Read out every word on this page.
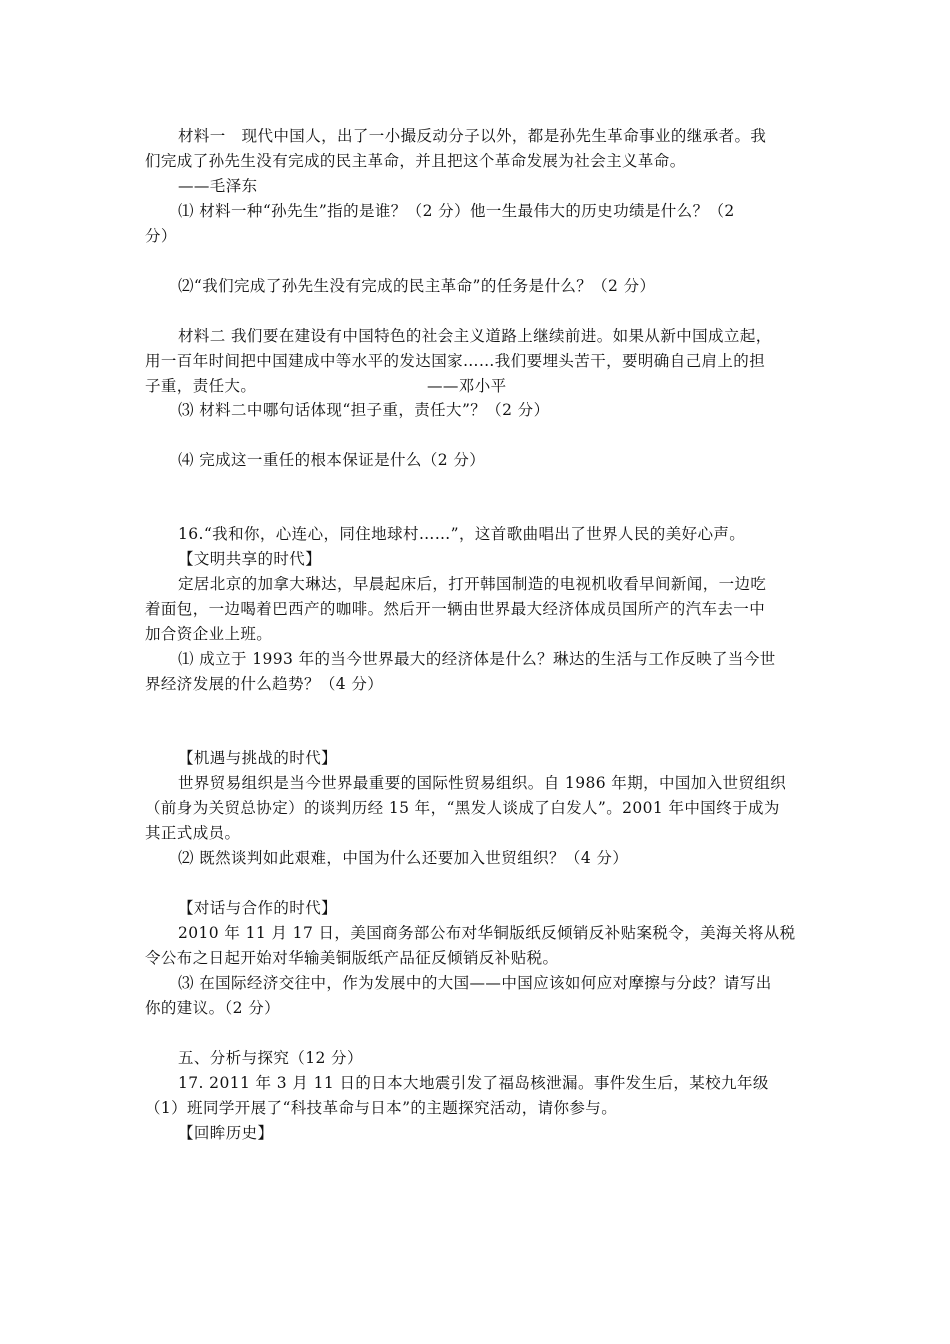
材料一　现代中国人，出了一小撮反动分子以外，都是孙先生革命事业的继承者。我
们完成了孙先生没有完成的民主革命，并且把这个革命发展为社会主义革命。
——毛泽东
⑴ 材料一种“孙先生”指的是谁？（2 分）他一生最伟大的历史功绩是什么？（2
分）
⑵“我们完成了孙先生没有完成的民主革命”的任务是什么？（2 分）
材料二 我们要在建设有中国特色的社会主义道路上继续前进。如果从新中国成立起，
用一百年时间把中国建成中等水平的发达国家……我们要埋头苦干，要明确自己肩上的担
子重，责任大。	——邓小平
⑶ 材料二中哪句话体现“担子重，责任大”？（2 分）
⑷ 完成这一重任的根本保证是什么（2 分）
16.“我和你，心连心，同住地球村……”，这首歌曲唱出了世界人民的美好心声。
【文明共享的时代】
定居北京的加拿大琳达，早晨起床后，打开韩国制造的电视机收看早间新闻，一边吃
着面包，一边喝着巴西产的咖啡。然后开一辆由世界最大经济体成员国所产的汽车去一中
加合资企业上班。
⑴ 成立于 1993 年的当今世界最大的经济体是什么？琳达的生活与工作反映了当今世
界经济发展的什么趋势？（4 分）
【机遇与挑战的时代】
世界贸易组织是当今世界最重要的国际性贸易组织。自 1986 年期，中国加入世贸组织
（前身为关贸总协定）的谈判历经 15 年，“黑发人谈成了白发人”。2001 年中国终于成为
其正式成员。
⑵ 既然谈判如此艰难，中国为什么还要加入世贸组织？（4 分）
【对话与合作的时代】
2010 年 11 月 17 日，美国商务部公布对华铜版纸反倾销反补贴案税令，美海关将从税
令公布之日起开始对华输美铜版纸产品征反倾销反补贴税。
⑶ 在国际经济交往中，作为发展中的大国——中国应该如何应对摩擦与分歧？请写出
你的建议。（2 分）
五、分析与探究（12 分）
17. 2011 年 3 月 11 日的日本大地震引发了福岛核泄漏。事件发生后，某校九年级
（1）班同学开展了“科技革命与日本”的主题探究活动，请你参与。
【回眸历史】
